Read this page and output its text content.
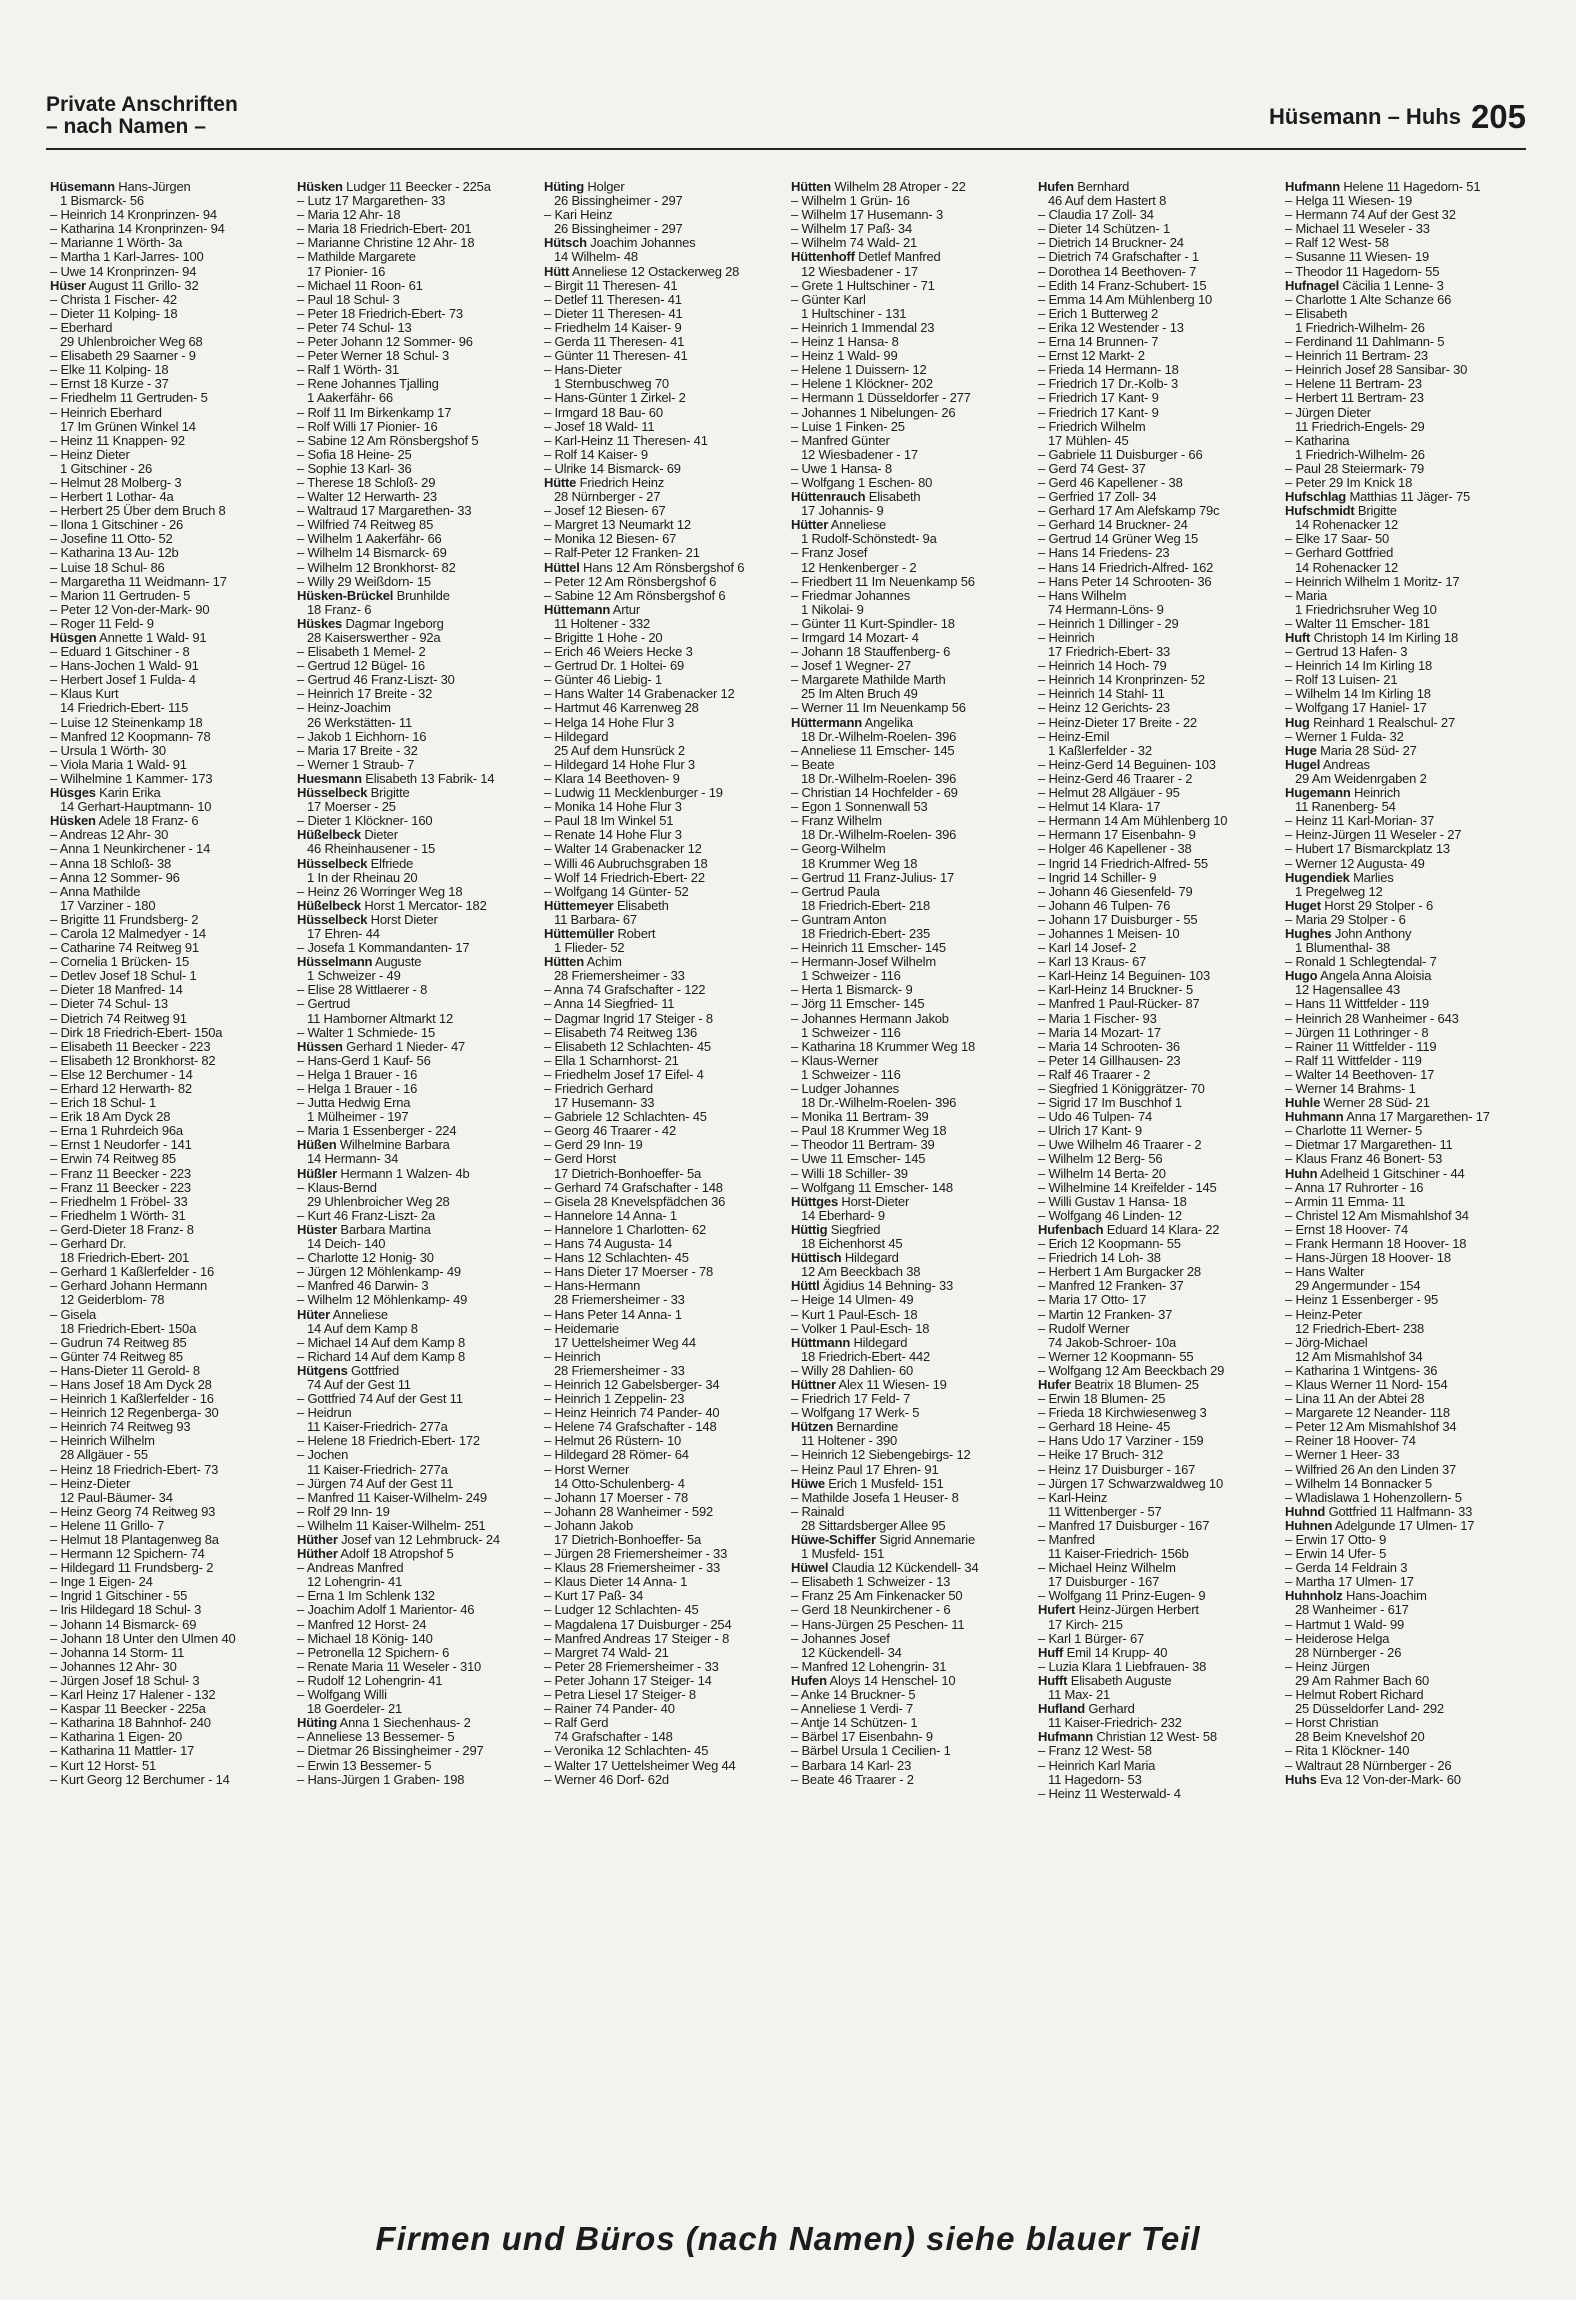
Private Anschriften
– nach Namen –	Hüsemann – Huhs 205
Hüsemann Hans-Jürgen
1 Bismarck- 56
– Heinrich 14 Kronprinzen- 94
– Katharina 14 Kronprinzen- 94
– Marianne 1 Wörth- 3a
– Martha 1 Karl-Jarres- 100
– Uwe 14 Kronprinzen- 94
Hüser August 11 Grillo- 32
– Christa 1 Fischer- 42
– Dieter 11 Kolping- 18
– Eberhard
29 Uhlenbroicher Weg 68
– Elisabeth 29 Saarner - 9
– Elke 11 Kolping- 18
– Ernst 18 Kurze - 37
– Friedhelm 11 Gertruden- 5
– Heinrich Eberhard
17 Im Grünen Winkel 14
– Heinz 11 Knappen- 92
– Heinz Dieter
1 Gitschiner - 26
– Helmut 28 Molberg- 3
– Herbert 1 Lothar- 4a
– Herbert 25 Über dem Bruch 8
– Ilona 1 Gitschiner - 26
– Josefine 11 Otto- 52
– Katharina 13 Au- 12b
– Luise 18 Schul- 86
– Margaretha 11 Weidmann- 17
– Marion 11 Gertruden- 5
– Peter 12 Von-der-Mark- 90
– Roger 11 Feld- 9
Hüsgen Annette 1 Wald- 91
– Eduard 1 Gitschiner - 8
– Hans-Jochen 1 Wald- 91
– Herbert Josef 1 Fulda- 4
– Klaus Kurt
14 Friedrich-Ebert- 115
– Luise 12 Steinenkamp 18
– Manfred 12 Koopmann- 78
– Ursula 1 Wörth- 30
– Viola Maria 1 Wald- 91
– Wilhelmine 1 Kammer- 173
Hüsges Karin Erika
14 Gerhart-Hauptmann- 10
Hüsken Adele 18 Franz- 6
– Andreas 12 Ahr- 30
– Anna 1 Neunkirchener - 14
– Anna 18 Schloß- 38
– Anna 12 Sommer- 96
– Anna Mathilde
17 Varziner - 180
– Brigitte 11 Frundsberg- 2
– Carola 12 Malmedyer - 14
– Catharine 74 Reitweg 91
– Cornelia 1 Brücken- 15
– Detlev Josef 18 Schul- 1
– Dieter 18 Manfred- 14
– Dieter 74 Schul- 13
– Dietrich 74 Reitweg 91
– Dirk 18 Friedrich-Ebert- 150a
– Elisabeth 11 Beecker - 223
– Elisabeth 12 Bronkhorst- 82
– Else 12 Berchumer - 14
– Erhard 12 Herwarth- 82
– Erich 18 Schul- 1
– Erik 18 Am Dyck 28
– Erna 1 Ruhrdeich 96a
– Ernst 1 Neudorfer - 141
– Erwin 74 Reitweg 85
– Franz 11 Beecker - 223
– Franz 11 Beecker - 223
– Friedhelm 1 Fröbel- 33
– Friedhelm 1 Wörth- 31
– Gerd-Dieter 18 Franz- 8
– Gerhard Dr.
18 Friedrich-Ebert- 201
– Gerhard 1 Kaßlerfelder - 16
– Gerhard Johann Hermann
12 Geiderblom- 78
– Gisela
18 Friedrich-Ebert- 150a
– Gudrun 74 Reitweg 85
– Günter 74 Reitweg 85
– Hans-Dieter 11 Gerold- 8
– Hans Josef 18 Am Dyck 28
– Heinrich 1 Kaßlerfelder - 16
– Heinrich 12 Regenberga- 30
– Heinrich 74 Reitweg 93
– Heinrich Wilhelm
28 Allgäuer - 55
– Heinz 18 Friedrich-Ebert- 73
– Heinz-Dieter
12 Paul-Bäumer- 34
– Heinz Georg 74 Reitweg 93
– Helene 11 Grillo- 7
– Helmut 18 Plantagenweg 8a
– Hermann 12 Spichern- 74
– Hildegard 11 Frundsberg- 2
– Inge 1 Eigen- 24
– Ingrid 1 Gitschiner - 55
– Iris Hildegard 18 Schul- 3
– Johann 14 Bismarck- 69
– Johann 18 Unter den Ulmen 40
– Johanna 14 Storm- 11
– Johannes 12 Ahr- 30
– Jürgen Josef 18 Schul- 3
– Karl Heinz 17 Halener - 132
– Kaspar 11 Beecker - 225a
– Katharina 18 Bahnhof- 240
– Katharina 1 Eigen- 20
– Katharina 11 Mattler- 17
– Kurt 12 Horst- 51
– Kurt Georg 12 Berchumer - 14
Hüsken Ludger 11 Beecker - 225a
– Lutz 17 Margarethen- 33
– Maria 12 Ahr- 18
– Maria 18 Friedrich-Ebert- 201
– Marianne Christine 12 Ahr- 18
– Mathilde Margarete
17 Pionier- 16
– Michael 11 Roon- 61
– Paul 18 Schul- 3
– Peter 18 Friedrich-Ebert- 73
– Peter 74 Schul- 13
– Peter Johann 12 Sommer- 96
– Peter Werner 18 Schul- 3
– Ralf 1 Wörth- 31
– Rene Johannes Tjalling
1 Aakerfähr- 66
– Rolf 11 Im Birkenkamp 17
– Rolf Willi 17 Pionier- 16
– Sabine 12 Am Rönsbergshof 5
– Sofia 18 Heine- 25
– Sophie 13 Karl- 36
– Therese 18 Schloß- 29
– Walter 12 Herwarth- 23
– Waltraud 17 Margarethen- 33
– Wilfried 74 Reitweg 85
– Wilhelm 1 Aakerfähr- 66
– Wilhelm 14 Bismarck- 69
– Wilhelm 12 Bronkhorst- 82
– Willy 29 Weißdorn- 15
Hüsken-Brückel Brunhilde
18 Franz- 6
Hüskes Dagmar Ingeborg
28 Kaiserswerther - 92a
– Elisabeth 1 Memel- 2
– Gertrud 12 Bügel- 16
– Gertrud 46 Franz-Liszt- 30
– Heinrich 17 Breite - 32
– Heinz-Joachim
26 Werkstätten- 11
– Jakob 1 Eichhorn- 16
– Maria 17 Breite - 32
– Werner 1 Straub- 7
Huesmann Elisabeth 13 Fabrik- 14
Hüsselbeck Brigitte
17 Moerser - 25
– Dieter 1 Klöckner- 160
Hüßelbeck Dieter
46 Rheinhausener - 15
Hüsselbeck Elfriede
1 In der Rheinau 20
– Heinz 26 Worringer Weg 18
Hüßelbeck Horst 1 Mercator- 182
Hüsselbeck Horst Dieter
17 Ehren- 44
– Josefa 1 Kommandanten- 17
Hüsselmann Auguste
1 Schweizer - 49
– Elise 28 Wittlaerer - 8
– Gertrud
11 Hamborner Altmarkt 12
– Walter 1 Schmiede- 15
Hüssen Gerhard 1 Nieder- 47
– Hans-Gerd 1 Kauf- 56
– Helga 1 Brauer - 16
– Helga 1 Brauer - 16
– Jutta Hedwig Erna
1 Mülheimer - 197
– Maria 1 Essenberger - 224
Hüßen Wilhelmine Barbara
14 Hermann- 34
Hüßler Hermann 1 Walzen- 4b
– Klaus-Bernd
29 Uhlenbroicher Weg 28
– Kurt 46 Franz-Liszt- 2a
Hüster Barbara Martina
14 Deich- 140
– Charlotte 12 Honig- 30
– Jürgen 12 Möhlenkamp- 49
– Manfred 46 Darwin- 3
– Wilhelm 12 Möhlenkamp- 49
Hüter Anneliese
14 Auf dem Kamp 8
– Michael 14 Auf dem Kamp 8
– Richard 14 Auf dem Kamp 8
Hütgens Gottfried
74 Auf der Gest 11
– Gottfried 74 Auf der Gest 11
– Heidrun
11 Kaiser-Friedrich- 277a
– Helene 18 Friedrich-Ebert- 172
– Jochen
11 Kaiser-Friedrich- 277a
– Jürgen 74 Auf der Gest 11
– Manfred 11 Kaiser-Wilhelm- 249
– Rolf 29 Inn- 19
– Wilhelm 11 Kaiser-Wilhelm- 251
Hüther Josef van 12 Lehmbruck- 24
Hüther Adolf 18 Atropshof 5
– Andreas Manfred
12 Lohengrin- 41
– Erna 1 Im Schlenk 132
– Joachim Adolf 1 Marientor- 46
– Manfred 12 Horst- 24
– Michael 18 König- 140
– Petronella 12 Spichern- 6
– Renate Maria 11 Weseler - 310
– Rudolf 12 Lohengrin- 41
– Wolfgang Willi
18 Goerdeler- 21
Hüting Anna 1 Siechenhaus- 2
– Anneliese 13 Bessemer- 5
– Dietmar 26 Bissingheimer - 297
– Erwin 13 Bessemer- 5
– Hans-Jürgen 1 Graben- 198
Hüting Holger
26 Bissingheimer - 297
– Kari Heinz
26 Bissingheimer - 297
Hütsch Joachim Johannes
14 Wilhelm- 48
Hütt Anneliese 12 Ostackerweg 28
– Birgit 11 Theresen- 41
– Detlef 11 Theresen- 41
– Dieter 11 Theresen- 41
– Friedhelm 14 Kaiser- 9
– Gerda 11 Theresen- 41
– Günter 11 Theresen- 41
– Hans-Dieter
1 Sternbuschweg 70
– Hans-Günter 1 Zirkel- 2
– Irmgard 18 Bau- 60
– Josef 18 Wald- 11
– Karl-Heinz 11 Theresen- 41
– Rolf 14 Kaiser- 9
– Ulrike 14 Bismarck- 69
Hütte Friedrich Heinz
28 Nürnberger - 27
– Josef 12 Biesen- 67
– Margret 13 Neumarkt 12
– Monika 12 Biesen- 67
– Ralf-Peter 12 Franken- 21
Hüttel Hans 12 Am Rönsbergshof 6
– Peter 12 Am Rönsbergshof 6
– Sabine 12 Am Rönsbergshof 6
Hüttemann Artur
11 Holtener - 332
– Brigitte 1 Hohe - 20
– Erich 46 Weiers Hecke 3
– Gertrud Dr. 1 Holtei- 69
– Günter 46 Liebig- 1
– Hans Walter 14 Grabenacker 12
– Hartmut 46 Karrenweg 28
– Helga 14 Hohe Flur 3
– Hildegard
25 Auf dem Hunsrück 2
– Hildegard 14 Hohe Flur 3
– Klara 14 Beethoven- 9
– Ludwig 11 Mecklenburger - 19
– Monika 14 Hohe Flur 3
– Paul 18 Im Winkel 51
– Renate 14 Hohe Flur 3
– Walter 14 Grabenacker 12
– Willi 46 Aubruchsgraben 18
– Wolf 14 Friedrich-Ebert- 22
– Wolfgang 14 Günter- 52
Hüttemeyer Elisabeth
11 Barbara- 67
Hüttemüller Robert
1 Flieder- 52
Hütten Achim
28 Friemersheimer - 33
– Anna 74 Grafschafter - 122
– Anna 14 Siegfried- 11
– Dagmar Ingrid 17 Steiger - 8
– Elisabeth 74 Reitweg 136
– Elisabeth 12 Schlachten- 45
– Ella 1 Scharnhorst- 21
– Friedhelm Josef 17 Eifel- 4
– Friedrich Gerhard
17 Husemann- 33
– Gabriele 12 Schlachten- 45
– Georg 46 Traarer - 42
– Gerd 29 Inn- 19
– Gerd Horst
17 Dietrich-Bonhoeffer- 5a
– Gerhard 74 Grafschafter - 148
– Gisela 28 Knevelspfädchen 36
– Hannelore 14 Anna- 1
– Hannelore 1 Charlotten- 62
– Hans 74 Augusta- 14
– Hans 12 Schlachten- 45
– Hans Dieter 17 Moerser - 78
– Hans-Hermann
28 Friemersheimer - 33
– Hans Peter 14 Anna- 1
– Heidemarie
17 Uettelsheimer Weg 44
– Heinrich
28 Friemersheimer - 33
– Heinrich 12 Gabelsberger- 34
– Heinrich 1 Zeppelin- 23
– Heinz Heinrich 74 Pander- 40
– Helene 74 Grafschafter - 148
– Helmut 26 Rüstern- 10
– Hildegard 28 Römer- 64
– Horst Werner
14 Otto-Schulenberg- 4
– Johann 17 Moerser - 78
– Johann 28 Wanheimer - 592
– Johann Jakob
17 Dietrich-Bonhoeffer- 5a
– Jürgen 28 Friemersheimer - 33
– Klaus 28 Friemersheimer - 33
– Klaus Dieter 14 Anna- 1
– Kurt 17 Paß- 34
– Ludger 12 Schlachten- 45
– Magdalena 17 Duisburger - 254
– Manfred Andreas 17 Steiger - 8
– Margret 74 Wald- 21
– Peter 28 Friemersheimer - 33
– Peter Johann 17 Steiger- 14
– Petra Liesel 17 Steiger- 8
– Rainer 74 Pander- 40
– Ralf Gerd
74 Grafschafter - 148
– Veronika 12 Schlachten- 45
– Walter 17 Uettelsheimer Weg 44
– Werner 46 Dorf- 62d
Hütten Wilhelm 28 Atroper - 22
– Wilhelm 1 Grün- 16
– Wilhelm 17 Husemann- 3
– Wilhelm 17 Paß- 34
– Wilhelm 74 Wald- 21
Hüttenhoff Detlef Manfred
12 Wiesbadener - 17
– Grete 1 Hultschiner - 71
– Günter Karl
1 Hultschiner - 131
– Heinrich 1 Immendal 23
– Heinz 1 Hansa- 8
– Heinz 1 Wald- 99
– Helene 1 Duissern- 12
– Helene 1 Klöckner- 202
– Hermann 1 Düsseldorfer - 277
– Johannes 1 Nibelungen- 26
– Luise 1 Finken- 25
– Manfred Günter
12 Wiesbadener - 17
– Uwe 1 Hansa- 8
– Wolfgang 1 Eschen- 80
Hüttenrauch Elisabeth
17 Johannis- 9
Hütter Anneliese
1 Rudolf-Schönstedt- 9a
– Franz Josef
12 Henkenberger - 2
– Friedbert 11 Im Neuenkamp 56
– Friedmar Johannes
1 Nikolai- 9
– Günter 11 Kurt-Spindler- 18
– Irmgard 14 Mozart- 4
– Johann 18 Stauffenberg- 6
– Josef 1 Wegner- 27
– Margarete Mathilde Marth
25 Im Alten Bruch 49
– Werner 11 Im Neuenkamp 56
Hüttermann Angelika
18 Dr.-Wilhelm-Roelen- 396
– Anneliese 11 Emscher- 145
– Beate
18 Dr.-Wilhelm-Roelen- 396
– Christian 14 Hochfelder - 69
– Egon 1 Sonnenwall 53
– Franz Wilhelm
18 Dr.-Wilhelm-Roelen- 396
– Georg-Wilhelm
18 Krummer Weg 18
– Gertrud 11 Franz-Julius- 17
– Gertrud Paula
18 Friedrich-Ebert- 218
– Guntram Anton
18 Friedrich-Ebert- 235
– Heinrich 11 Emscher- 145
– Hermann-Josef Wilhelm
1 Schweizer - 116
– Herta 1 Bismarck- 9
– Jörg 11 Emscher- 145
– Johannes Hermann Jakob
1 Schweizer - 116
– Katharina 18 Krummer Weg 18
– Klaus-Werner
1 Schweizer - 116
– Ludger Johannes
18 Dr.-Wilhelm-Roelen- 396
– Monika 11 Bertram- 39
– Paul 18 Krummer Weg 18
– Theodor 11 Bertram- 39
– Uwe 11 Emscher- 145
– Willi 18 Schiller- 39
– Wolfgang 11 Emscher- 148
Hüttges Horst-Dieter
14 Eberhard- 9
Hüttig Siegfried
18 Eichenhorst 45
Hüttisch Hildegard
12 Am Beeckbach 38
Hüttl Ägidius 14 Behning- 33
– Heige 14 Ulmen- 49
– Kurt 1 Paul-Esch- 18
– Volker 1 Paul-Esch- 18
Hüttmann Hildegard
18 Friedrich-Ebert- 442
– Willy 28 Dahlien- 60
Hüttner Alex 11 Wiesen- 19
– Friedrich 17 Feld- 7
– Wolfgang 17 Werk- 5
Hützen Bernardine
11 Holtener - 390
– Heinrich 12 Siebengebirgs- 12
– Heinz Paul 17 Ehren- 91
Hüwe Erich 1 Musfeld- 151
– Mathilde Josefa 1 Heuser- 8
– Rainald
28 Sittardsberger Allee 95
Hüwe-Schiffer Sigrid Annemarie
1 Musfeld- 151
Hüwel Claudia 12 Kückendell- 34
– Elisabeth 1 Schweizer - 13
– Franz 25 Am Finkenacker 50
– Gerd 18 Neunkirchener - 6
– Hans-Jürgen 25 Peschen- 11
– Johannes Josef
12 Kückendell- 34
– Manfred 12 Lohengrin- 31
Hufen Aloys 14 Henschel- 10
– Anke 14 Bruckner- 5
– Anneliese 1 Verdi- 7
– Antje 14 Schützen- 1
– Bärbel 17 Eisenbahn- 9
– Bärbel Ursula 1 Cecilien- 1
– Barbara 14 Karl- 23
– Beate 46 Traarer - 2
Hufen Bernhard
46 Auf dem Hastert 8
– Claudia 17 Zoll- 34
– Dieter 14 Schützen- 1
– Dietrich 14 Bruckner- 24
– Dietrich 74 Grafschafter - 1
– Dorothea 14 Beethoven- 7
– Edith 14 Franz-Schubert- 15
– Emma 14 Am Mühlenberg 10
– Erich 1 Butterweg 2
– Erika 12 Westender - 13
– Erna 14 Brunnen- 7
– Ernst 12 Markt- 2
– Frieda 14 Hermann- 18
– Friedrich 17 Dr.-Kolb- 3
– Friedrich 17 Kant- 9
– Friedrich 17 Kant- 9
– Friedrich Wilhelm
17 Mühlen- 45
– Gabriele 11 Duisburger - 66
– Gerd 74 Gest- 37
– Gerd 46 Kapellener - 38
– Gerfried 17 Zoll- 34
– Gerhard 17 Am Alefskamp 79c
– Gerhard 14 Bruckner- 24
– Gertrud 14 Grüner Weg 15
– Hans 14 Friedens- 23
– Hans 14 Friedrich-Alfred- 162
– Hans Peter 14 Schrooten- 36
– Hans Wilhelm
74 Hermann-Löns- 9
– Heinrich 1 Dillinger - 29
– Heinrich
17 Friedrich-Ebert- 33
– Heinrich 14 Hoch- 79
– Heinrich 14 Kronprinzen- 52
– Heinrich 14 Stahl- 11
– Heinz 12 Gerichts- 23
– Heinz-Dieter 17 Breite - 22
– Heinz-Emil
1 Kaßlerfelder - 32
– Heinz-Gerd 14 Beguinen- 103
– Heinz-Gerd 46 Traarer - 2
– Helmut 28 Allgäuer - 95
– Helmut 14 Klara- 17
– Hermann 14 Am Mühlenberg 10
– Hermann 17 Eisenbahn- 9
– Holger 46 Kapellener - 38
– Ingrid 14 Friedrich-Alfred- 55
– Ingrid 14 Schiller- 9
– Johann 46 Giesenfeld- 79
– Johann 46 Tulpen- 76
– Johann 17 Duisburger - 55
– Johannes 1 Meisen- 10
– Karl 14 Josef- 2
– Karl 13 Kraus- 67
– Karl-Heinz 14 Beguinen- 103
– Karl-Heinz 14 Bruckner- 5
– Manfred 1 Paul-Rücker- 87
– Maria 1 Fischer- 93
– Maria 14 Mozart- 17
– Maria 14 Schrooten- 36
– Peter 14 Gillhausen- 23
– Ralf 46 Traarer - 2
– Siegfried 1 Königgrätzer- 70
– Sigrid 17 Im Buschhof 1
– Udo 46 Tulpen- 74
– Ulrich 17 Kant- 9
– Uwe Wilhelm 46 Traarer - 2
– Wilhelm 12 Berg- 56
– Wilhelm 14 Berta- 20
– Wilhelmine 14 Kreifelder - 145
– Willi Gustav 1 Hansa- 18
– Wolfgang 46 Linden- 12
Hufenbach Eduard 14 Klara- 22
– Erich 12 Koopmann- 55
– Friedrich 14 Loh- 38
– Herbert 1 Am Burgacker 28
– Manfred 12 Franken- 37
– Maria 17 Otto- 17
– Martin 12 Franken- 37
– Rudolf Werner
74 Jakob-Schroer- 10a
– Werner 12 Koopmann- 55
– Wolfgang 12 Am Beeckbach 29
Hufer Beatrix 18 Blumen- 25
– Erwin 18 Blumen- 25
– Frieda 18 Kirchwiesenweg 3
– Gerhard 18 Heine- 45
– Hans Udo 17 Varziner - 159
– Heike 17 Bruch- 312
– Heinz 17 Duisburger - 167
– Jürgen 17 Schwarzwaldweg 10
– Karl-Heinz
11 Wittenberger - 57
– Manfred 17 Duisburger - 167
– Manfred
11 Kaiser-Friedrich- 156b
– Michael Heinz Wilhelm
17 Duisburger - 167
– Wolfgang 11 Prinz-Eugen- 9
Hufert Heinz-Jürgen Herbert
17 Kirch- 215
– Karl 1 Bürger- 67
Huff Emil 14 Krupp- 40
– Luzia Klara 1 Liebfrauen- 38
Hufft Elisabeth Auguste
11 Max- 21
Hufland Gerhard
11 Kaiser-Friedrich- 232
Hufmann Christian 12 West- 58
– Franz 12 West- 58
– Heinrich Karl Maria
11 Hagedorn- 53
– Heinz 11 Westerwald- 4
Hufmann Helene 11 Hagedorn- 51
– Helga 11 Wiesen- 19
– Hermann 74 Auf der Gest 32
– Michael 11 Weseler - 33
– Ralf 12 West- 58
– Susanne 11 Wiesen- 19
– Theodor 11 Hagedorn- 55
Hufnagel Cäcilia 1 Lenne- 3
– Charlotte 1 Alte Schanze 66
– Elisabeth
1 Friedrich-Wilhelm- 26
– Ferdinand 11 Dahlmann- 5
– Heinrich 11 Bertram- 23
– Heinrich Josef 28 Sansibar- 30
– Helene 11 Bertram- 23
– Herbert 11 Bertram- 23
– Jürgen Dieter
11 Friedrich-Engels- 29
– Katharina
1 Friedrich-Wilhelm- 26
– Paul 28 Steiermark- 79
– Peter 29 Im Knick 18
Hufschlag Matthias 11 Jäger- 75
Hufschmidt Brigitte
14 Rohenacker 12
– Elke 17 Saar- 50
– Gerhard Gottfried
14 Rohenacker 12
– Heinrich Wilhelm 1 Moritz- 17
– Maria
1 Friedrichsruher Weg 10
– Walter 11 Emscher- 181
Huft Christoph 14 Im Kirling 18
– Gertrud 13 Hafen- 3
– Heinrich 14 Im Kirling 18
– Rolf 13 Luisen- 21
– Wilhelm 14 Im Kirling 18
– Wolfgang 17 Haniel- 17
Hug Reinhard 1 Realschul- 27
– Werner 1 Fulda- 32
Huge Maria 28 Süd- 27
Hugel Andreas
29 Am Weidenrgaben 2
Hugemann Heinrich
11 Ranenberg- 54
– Heinz 11 Karl-Morian- 37
– Heinz-Jürgen 11 Weseler - 27
– Hubert 17 Bismarckplatz 13
– Werner 12 Augusta- 49
Hugendiek Marlies
1 Pregelweg 12
Huget Horst 29 Stolper - 6
– Maria 29 Stolper - 6
Hughes John Anthony
1 Blumenthal- 38
– Ronald 1 Schlegtendal- 7
Hugo Angela Anna Aloisia
12 Hagensallee 43
– Hans 11 Wittfelder - 119
– Heinrich 28 Wanheimer - 643
– Jürgen 11 Lothringer - 8
– Rainer 11 Wittfelder - 119
– Ralf 11 Wittfelder - 119
– Walter 14 Beethoven- 17
– Werner 14 Brahms- 1
Huhle Werner 28 Süd- 21
Huhmann Anna 17 Margarethen- 17
– Charlotte 11 Werner- 5
– Dietmar 17 Margarethen- 11
– Klaus Franz 46 Bonert- 53
Huhn Adelheid 1 Gitschiner - 44
– Anna 17 Ruhrorter - 16
– Armin 11 Emma- 11
– Christel 12 Am Mismahlshof 34
– Ernst 18 Hoover- 74
– Frank Hermann 18 Hoover- 18
– Hans-Jürgen 18 Hoover- 18
– Hans Walter
29 Angermunder - 154
– Heinz 1 Essenberger - 95
– Heinz-Peter
12 Friedrich-Ebert- 238
– Jörg-Michael
12 Am Mismahlshof 34
– Katharina 1 Wintgens- 36
– Klaus Werner 11 Nord- 154
– Lina 11 An der Abtei 28
– Margarete 12 Neander- 118
– Peter 12 Am Mismahlshof 34
– Reiner 18 Hoover- 74
– Werner 1 Heer- 33
– Wilfried 26 An den Linden 37
– Wilhelm 14 Bonnacker 5
– Wladislawa 1 Hohenzollern- 5
Huhnd Gottfried 11 Halfmann- 33
Huhnen Adelgunde 17 Ulmen- 17
– Erwin 17 Otto- 9
– Erwin 14 Ufer- 5
– Gerda 14 Feldrain 3
– Martha 17 Ulmen- 17
Huhnholz Hans-Joachim
28 Wanheimer - 617
– Hartmut 1 Wald- 99
– Heiderose Helga
28 Nürnberger - 26
– Heinz Jürgen
29 Am Rahmer Bach 60
– Helmut Robert Richard
25 Düsseldorfer Land- 292
– Horst Christian
28 Beim Knevelshof 20
– Rita 1 Klöckner- 140
– Waltraut 28 Nürnberger - 26
Huhs Eva 12 Von-der-Mark- 60
Firmen und Büros (nach Namen) siehe blauer Teil
